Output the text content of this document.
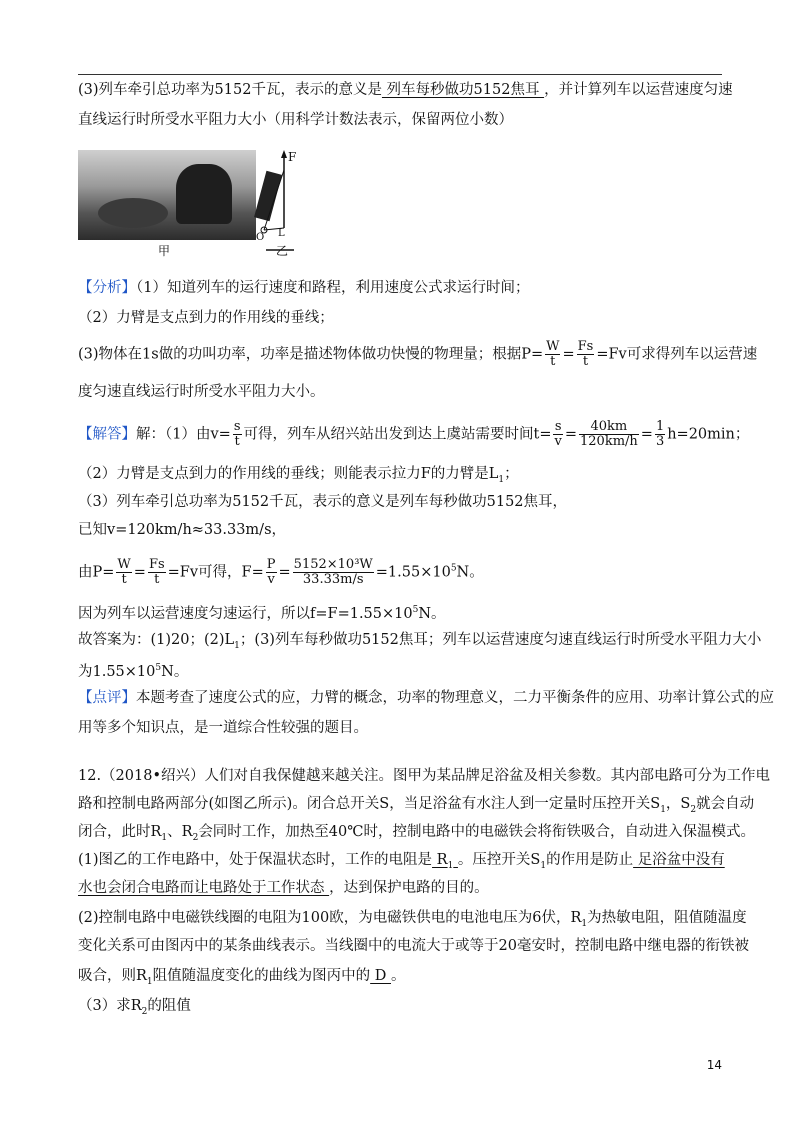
(3)列车牵引总功率为5152千瓦，表示的意义是 列车每秒做功5152焦耳 ，并计算列车以运营速度匀速
直线运行时所受水平阻力大小（用科学计数法表示，保留两位小数）
甲
F
O L
乙
【分析】（1）知道列车的运行速度和路程，利用速度公式求运行时间；
（2）力臂是支点到力的作用线的垂线；
(3)物体在1s做的功叫功率，功率是描述物体做功快慢的物理量；根据$P= \frac{W}{t} = \frac{Fs}{t} =Fv$可求得列车以运营速
度匀速直线运行时所受水平阻力大小。
【解答】解：（1）由$v= \frac{s}{t}$ 可得，列车从绍兴站出发到达上虞站需要时间$t= \frac{s}{v} = \frac{40km}{120km/h} = \frac{1}{3} h=20\min$；
（2）力臂是支点到力的作用线的垂线；则能表示拉力F的力臂是$L_1$；
（3）列车牵引总功率为5152千瓦，表示的意义是列车每秒做功5152焦耳，
已知v=120km/h≈33.33m/s，
由$P= \frac{W}{t} = \frac{Fs}{t} =Fv$可得，$F= \frac{P}{v} = \frac{\text{5152×10³W}}{33.33m/s} =1.55\times 10^5N$。
因为列车以运营速度匀速运行，所以$f=F=1.55\times 10^5N$。
故答案为：(1)20；$(2)L_1$；(3)列车每秒做功5152焦耳；列车以运营速度匀速直线运行时所受水平阻力大小
为$1.55\times 10^5N$。
【点评】本题考查了速度公式的应，力臂的概念，功率的物理意义，二力平衡条件的应用、功率计算公式的应
用等多个知识点，是一道综合性较强的题目。
12.（2018•绍兴）人们对自我保健越来越关注。图甲为某品牌足浴盆及相关参数。其内部电路可分为工作电
路和控制电路两部分(如图乙所示)。闭合总开关S，当足浴盆有水注人到一定量时压控开关$S_1$，$S_2$就会自动
闭合，此时$R_1$、$R_2$会同时工作，加热至40℃时，控制电路中的电磁铁会将衔铁吸合，自动进入保温模式。
(1)图乙的工作电路中，处于保温状态时，工作的电阻是 $R_1$ 。压控开关$S_1$的作用是防止 足浴盆中没有
水也会闭合电路而让电路处于工作状态 ，达到保护电路的目的。
(2)控制电路中电磁铁线圈的电阻为100欧，为电磁铁供电的电池电压为6伏，$R_1$为热敏电阻，阻值随温度
变化关系可由图丙中的某条曲线表示。当线圈中的电流大于或等于20毫安时，控制电路中继电器的衔铁被
吸合，则$R_1$阻值随温度变化的曲线为图丙中的 D 。
（3）求$R_2$的阻值
14
